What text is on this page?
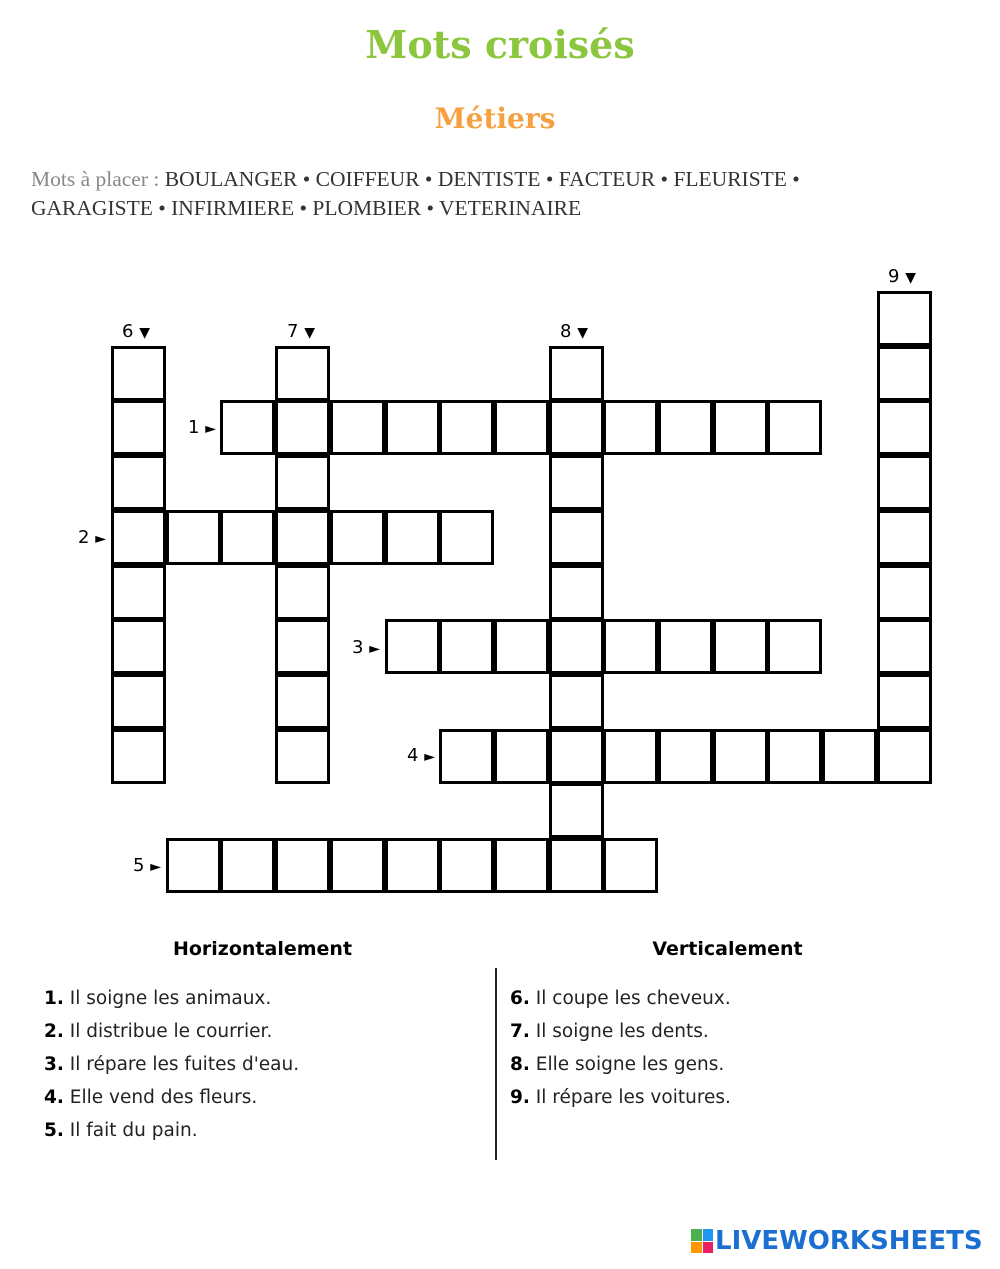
Mots croisés
Métiers
Mots à placer : BOULANGER • COIFFEUR • DENTISTE • FACTEUR • FLEURISTE •
GARAGISTE • INFIRMIERE • PLOMBIER • VETERINAIRE
1 ►
2 ►
3 ►
4 ►
5 ►
6 ▼	7 ▼	8 ▼
9 ▼
Horizontalement	Verticalement
1. Il soigne les animaux.
2. Il distribue le courrier.
3. Il répare les fuites d'eau.
4. Elle vend des fleurs.
5. Il fait du pain.
6. Il coupe les cheveux.
7. Il soigne les dents.
8. Elle soigne les gens.
9. Il répare les voitures.
LIVEWORKSHEETS
